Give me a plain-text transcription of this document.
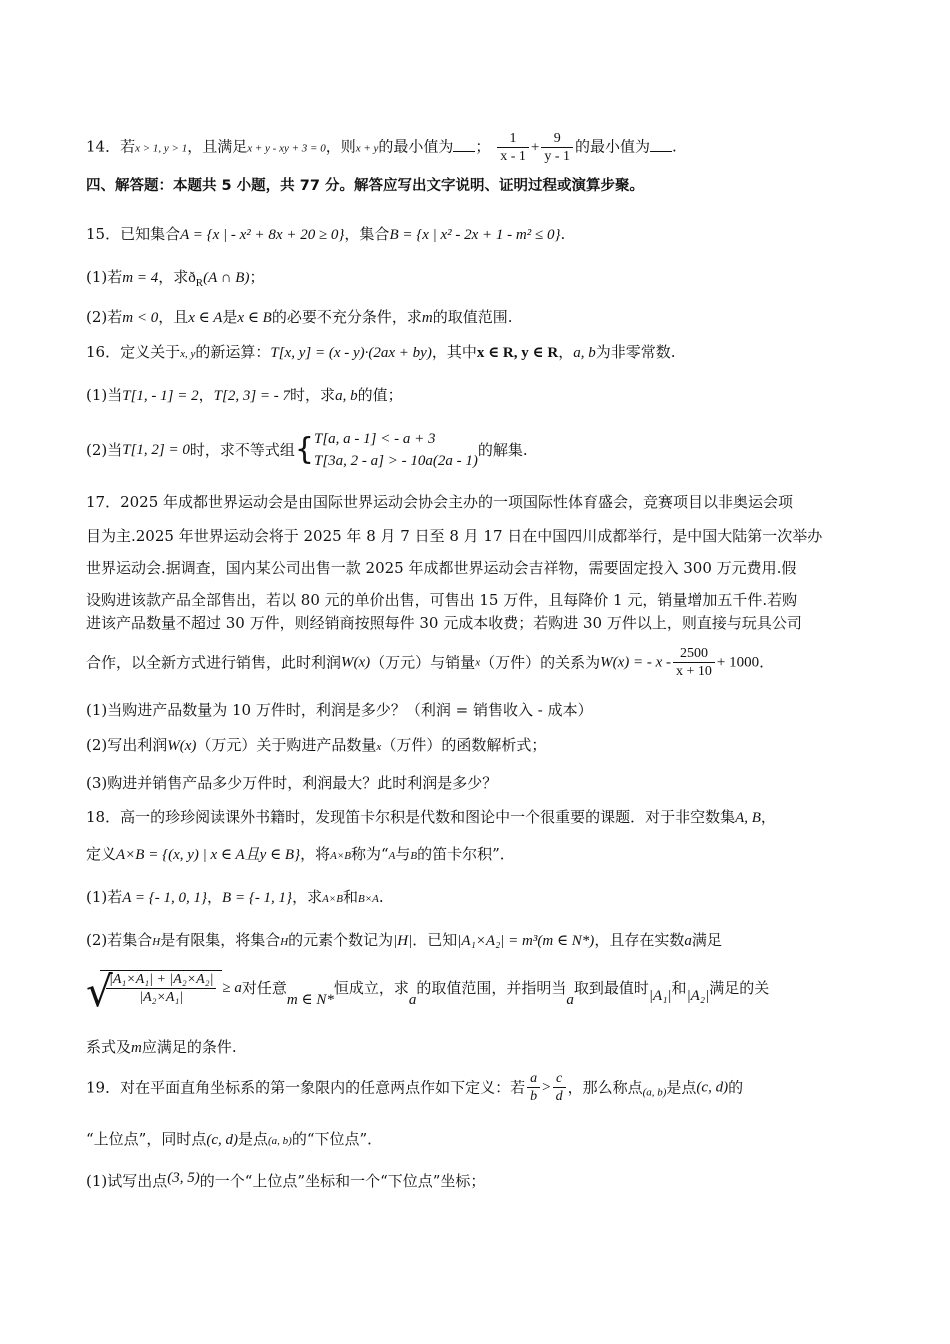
14．若x > 1, y > 1，且满足x + y - xy + 3 = 0，则x + y的最小值为 ； $\frac{1}{x - 1} + \frac{9}{y - 1}$ 的最小值为 .
四、解答题：本题共 5 小题，共 77 分。解答应写出文字说明、证明过程或演算步聚。
15．已知集合A = {x | - x² + 8x + 20 ≥ 0}，集合B = {x | x² - 2x + 1 - m² ≤ 0}.
(1)若m = 4，求$ð_R(A$ ∩ B)；
(2)若m < 0，且x ∈ A是x ∈ B的必要不充分条件，求m的取值范围.
16．定义关于x, y的新运算：T[x, y] = (x - y)·(2ax + by)，其中x ∈ R, y ∈ R，a, b为非零常数.
(1)当T[1, - 1] = 2，T[2, 3] = - 7时，求a, b的值；
(2)当T[1, 2] = 0时，求不等式组{ T[a, a - 1] < - a + 3
T[3a, 2 - a] > - 10a(2a - 1)
的解集.
17．2025 年成都世界运动会是由国际世界运动会协会主办的一项国际性体育盛会，竞赛项目以非奥运会项
目为主.2025 年世界运动会将于 2025 年 8 月 7 日至 8 月 17 日在中国四川成都举行，是中国大陆第一次举办
世界运动会.据调查，国内某公司出售一款 2025 年成都世界运动会吉祥物，需要固定投入 300 万元费用.假
设购进该款产品全部售出，若以 80 元的单价出售，可售出 15 万件，且每降价 1 元，销量增加五千件.若购
进该产品数量不超过 30 万件，则经销商按照每件 30 元成本收费；若购进 30 万件以上，则直接与玩具公司
合作，以全新方式进行销售，此时利润W(x)（万元）与销量x（万件）的关系为W(x) = - $x - \frac{2500}{x + 10} + 1000$.
(1)当购进产品数量为 10 万件时，利润是多少？（利润 = 销售收入 - 成本）
(2)写出利润W(x)（万元）关于购进产品数量x（万件）的函数解析式；
(3)购进并销售产品多少万件时，利润最大？此时利润是多少？
18．高一的珍珍阅读课外书籍时，发现笛卡尔积是代数和图论中一个很重要的课题．对于非空数集A, B，
定义A×B = {(x, y) | x ∈ A且y ∈ B}，将A×B称为“A与B的笛卡尔积”．
(1)若A = {- 1, 0, 1}，B = {- 1, 1}，求A×B和B×A.
(2)若集合H是有限集，将集合H的元素个数记为|H|．已知|A₁×A₂| = m³(m ∈ N*)，且存在实数a满足
√
$\frac{\text{|A₁×A₁| + |A₂×A₂|}}{\text{|A₂×A₁|}} \ge a$对任意m ∈ N*恒成立，求a的取值范围，并指明当a取到最值时|A₁|和|A₂|满足的关
系式及m应满足的条件.
19．对在平面直角坐标系的第一象限内的任意两点作如下定义：若 $\frac{a}{b} > \frac{c}{d}$ ，那么称点$_{(a, b)}$是点(c, d)的
“上位点”，同时点(c, d)是点(a, b)的“下位点”．
(1)试写出点(3, 5)的一个“上位点”坐标和一个“下位点”坐标；
